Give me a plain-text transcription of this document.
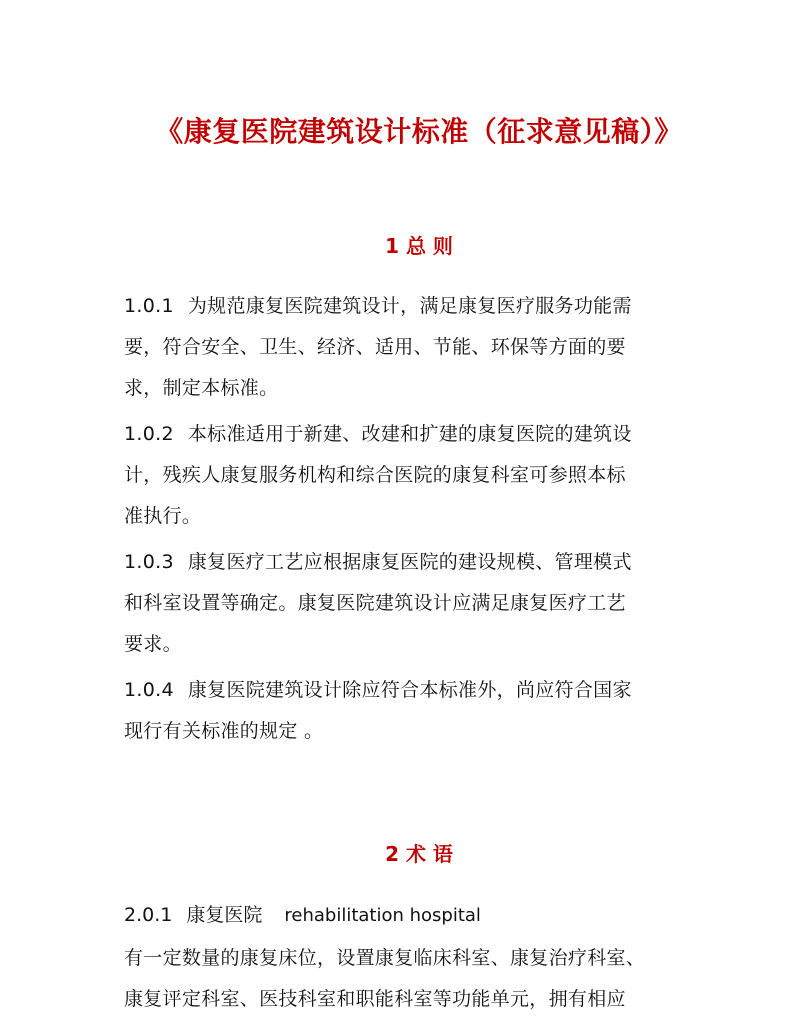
《康复医院建筑设计标准（征求意见稿）》
1 总 则

1.0.1 为规范康复医院建筑设计，满足康复医疗服务功能需
要，符合安全、卫生、经济、适用、节能、环保等方面的要
求，制定本标准。

1.0.2 本标准适用于新建、改建和扩建的康复医院的建筑设
计，残疾人康复服务机构和综合医院的康复科室可参照本标
准执行。

1.0.3 康复医疗工艺应根据康复医院的建设规模、管理模式
和科室设置等确定。康复医院建筑设计应满足康复医疗工艺
要求。

1.0.4 康复医院建筑设计除应符合本标准外，尚应符合国家
现行有关标准的规定 。

2 术 语

2.0.1 康复医院 rehabilitation hospital

有一定数量的康复床位，设置康复临床科室、康复治疗科室、
康复评定科室、医技科室和职能科室等功能单元，拥有相应
